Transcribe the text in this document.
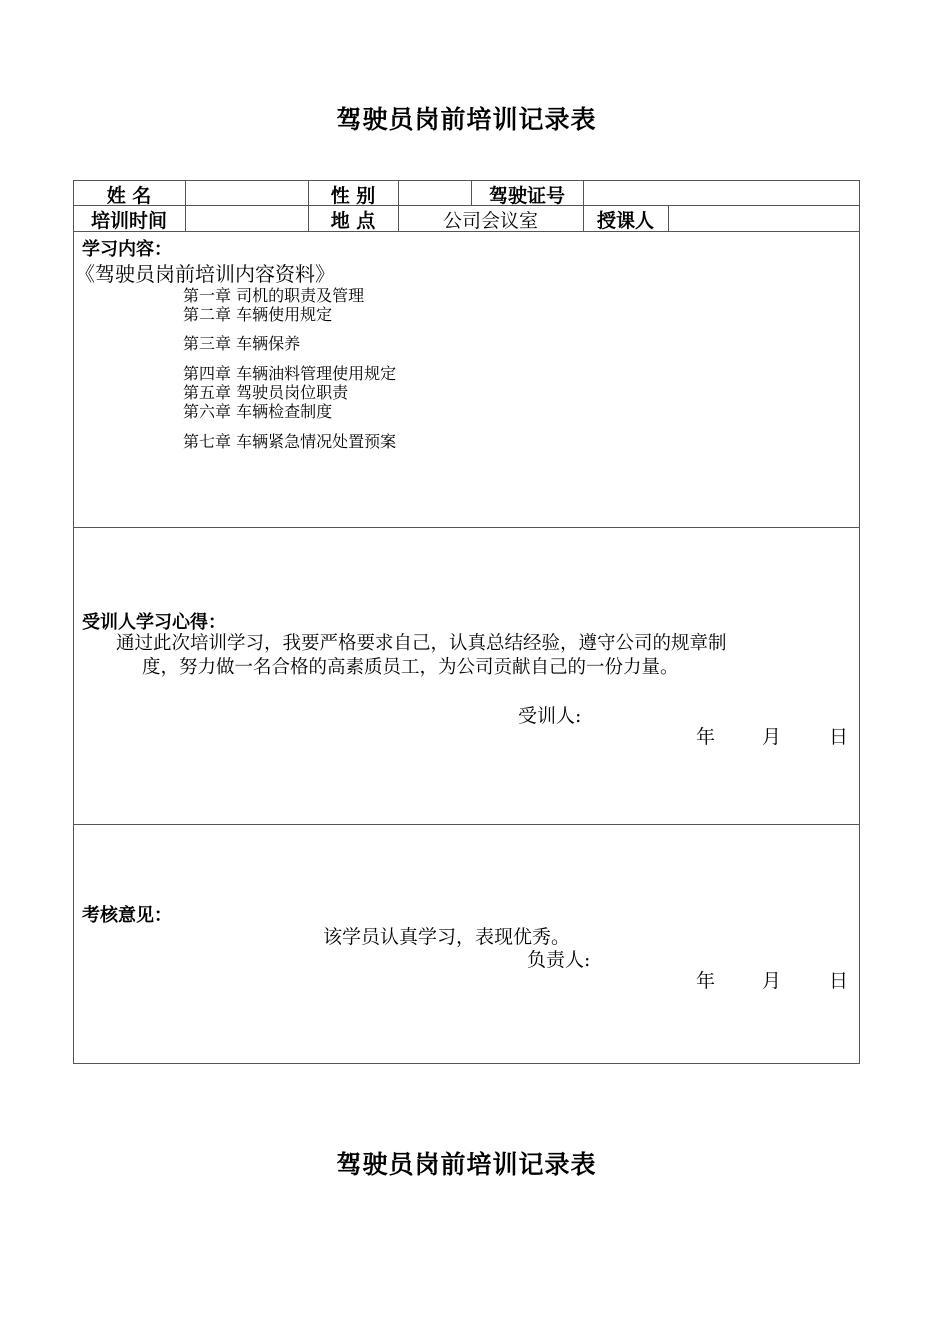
驾驶员岗前培训记录表
姓 名	性 别	驾驶证号
培训时间	地 点	公司会议室	授课人
学习内容：
《驾驶员岗前培训内容资料》
第一章 司机的职责及管理
第二章 车辆使用规定
第三章 车辆保养
第四章 车辆油料管理使用规定
第五章 驾驶员岗位职责
第六章 车辆检查制度
第七章 车辆紧急情况处置预案
受训人学习心得：
通过此次培训学习，我要严格要求自己，认真总结经验，遵守公司的规章制
度，努力做一名合格的高素质员工，为公司贡献自己的一份力量。
受训人:
年 月	日
考核意见：
该学员认真学习，表现优秀。
负责人:
年 月	日
驾驶员岗前培训记录表
